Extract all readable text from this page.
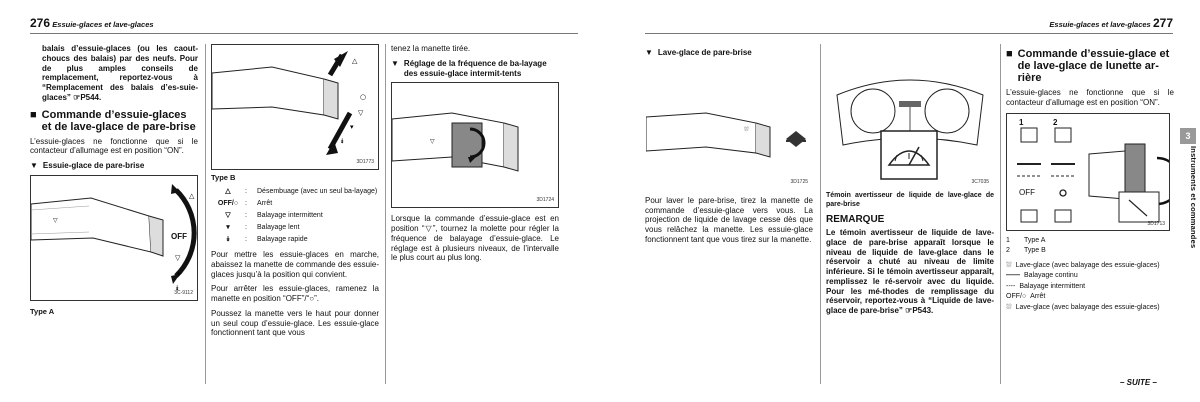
276 Essuie-glaces et lave-glaces

balais d’essuie-glaces (ou les caout-choucs des balais) par des neufs. Pour de plus amples conseils de remplacement, reportez-vous à “Remplacement des balais d’es-suie-glaces” ☞P544.

■ Commande d’essuie-glaces et de lave-glace de pare-brise

L’essuie-glaces ne fonctionne que si le contacteur d’allumage est en position “ON”.

▼ Essuie-glace de pare-brise
△
▽
▾
⯯
▽
OFF
3C-9112
Type A
△
○
▽
▾
⯯
3D1773
Type B
△	:	Désembuage (avec un seul ba-layage)
OFF/○ :	Arrêt
▽	:	Balayage intermittent
▾	:	Balayage lent
⯯	:	Balayage rapide

Pour mettre les essuie-glaces en marche, abaissez la manette de commande des essuie-glaces jusqu’à la position qui convient.

Pour arrêter les essuie-glaces, ramenez la manette en position “OFF”/“○”.

Poussez la manette vers le haut pour donner un seul coup d’essuie-glace. Les essuie-glace fonctionnent tant que vous

tenez la manette tirée.

▼ Réglage de la fréquence de ba-layage des essuie-glace intermit-tents
▽
3D1724

Lorsque la commande d’essuie-glace est en position “▽”, tournez la molette pour régler la fréquence de balayage d’essuie-glace. Le réglage est à plusieurs niveaux, de l’intervalle le plus court au plus long.

Essuie-glaces et lave-glaces 277
▼ Lave-glace de pare-brise
⛆
3D1725

Pour laver le pare-brise, tirez la manette de commande d’essuie-glace vers vous. La projection de liquide de lavage cesse dès que vous relâchez la manette. Les essuie-glace fonctionnent tant que vous tirez sur la manette.

3C7035

Témoin avertisseur de liquide de lave-glace de pare-brise

REMARQUE

Le témoin avertisseur de liquide de lave-glace de pare-brise apparaît lorsque le niveau de liquide de lave-glace dans le réservoir a chuté au niveau de limite inférieure. Si le témoin avertisseur apparaît, remplissez le ré-servoir avec du liquide. Pour les mé-thodes de remplissage du réservoir, reportez-vous à “Liquide de lave-glace de pare-brise” ☞P543.

■ Commande d’essuie-glace et de lave-glace de lunette ar-rière

L’essuie-glaces ne fonctionne que si le contacteur d’allumage est en position “ON”.

1	2
OFF
3D1713
1	Type A
2	Type B
⛆ Lave-glace (avec balayage des essuie-glaces)
—— Balayage continu
---- Balayage intermittent
OFF/○ Arrêt
⛆ Lave-glace (avec balayage des essuie-glaces)
– SUITE –
3
Instruments et commandes
